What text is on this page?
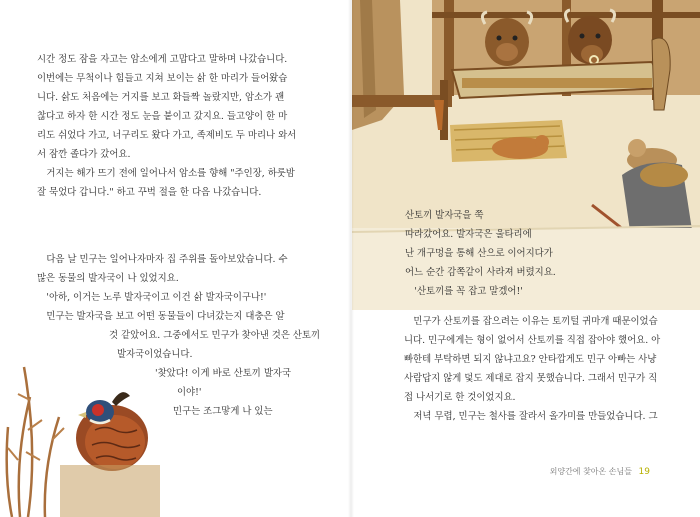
시간 정도 잠을 자고는 암소에게 고맙다고 말하며 나갔습니다.
이번에는 무척이나 힘들고 지쳐 보이는 삵 한 마리가 들어왔습
니다. 삵도 처음에는 거지를 보고 화들짝 놀랐지만, 암소가 괜
찮다고 하자 한 시간 정도 눈을 붙이고 갔지요. 들고양이 한 마
리도 쉬었다 가고, 너구리도 왔다 가고, 족제비도 두 마리나 와서
서 잠깐 졸다가 갔어요.
　거지는 해가 뜨기 전에 일어나서 암소를 향해 "주인장, 하룻밤
잘 묵었다 갑니다." 하고 꾸벅 절을 한 다음 나갔습니다.
　다음 날 민구는 일어나자마자 집 주위를 돌아보았습니다. 수
많은 동물의 발자국이 나 있었지요.
　'아하, 이거는 노루 발자국이고 이건 삵 발자국이구나!'
　민구는 발자국을 보고 어떤 동물들이 다녀갔는지 대충은 알
것 같았어요. 그중에서도 민구가 찾아낸 것은 산토끼
발자국이었습니다.
'찾았다! 이게 바로 산토끼 발자국
이야!'
민구는 조그맣게 나 있는
산토끼 발자국을 쭉
따라갔어요. 발자국은 울타리에
난 개구멍을 통해 산으로 이어지다가
어느 순간 감쪽같이 사라져 버렸지요.
　'산토끼를 꼭 잡고 말겠어!'
　민구가 산토끼를 잡으려는 이유는 토끼털 귀마개 때문이었습
니다. 민구에게는 형이 없어서 산토끼를 직접 잡아야 했어요. 아
빠한테 부탁하면 되지 않냐고요? 안타깝게도 민구 아빠는 사냥
사람답지 않게 덫도 제대로 잡지 못했습니다. 그래서 민구가 직
접 나서기로 한 것이었지요.
　저녁 무렵, 민구는 철사를 잘라서 올가미를 만들었습니다. 그
외양간에 찾아온 손님들 19
